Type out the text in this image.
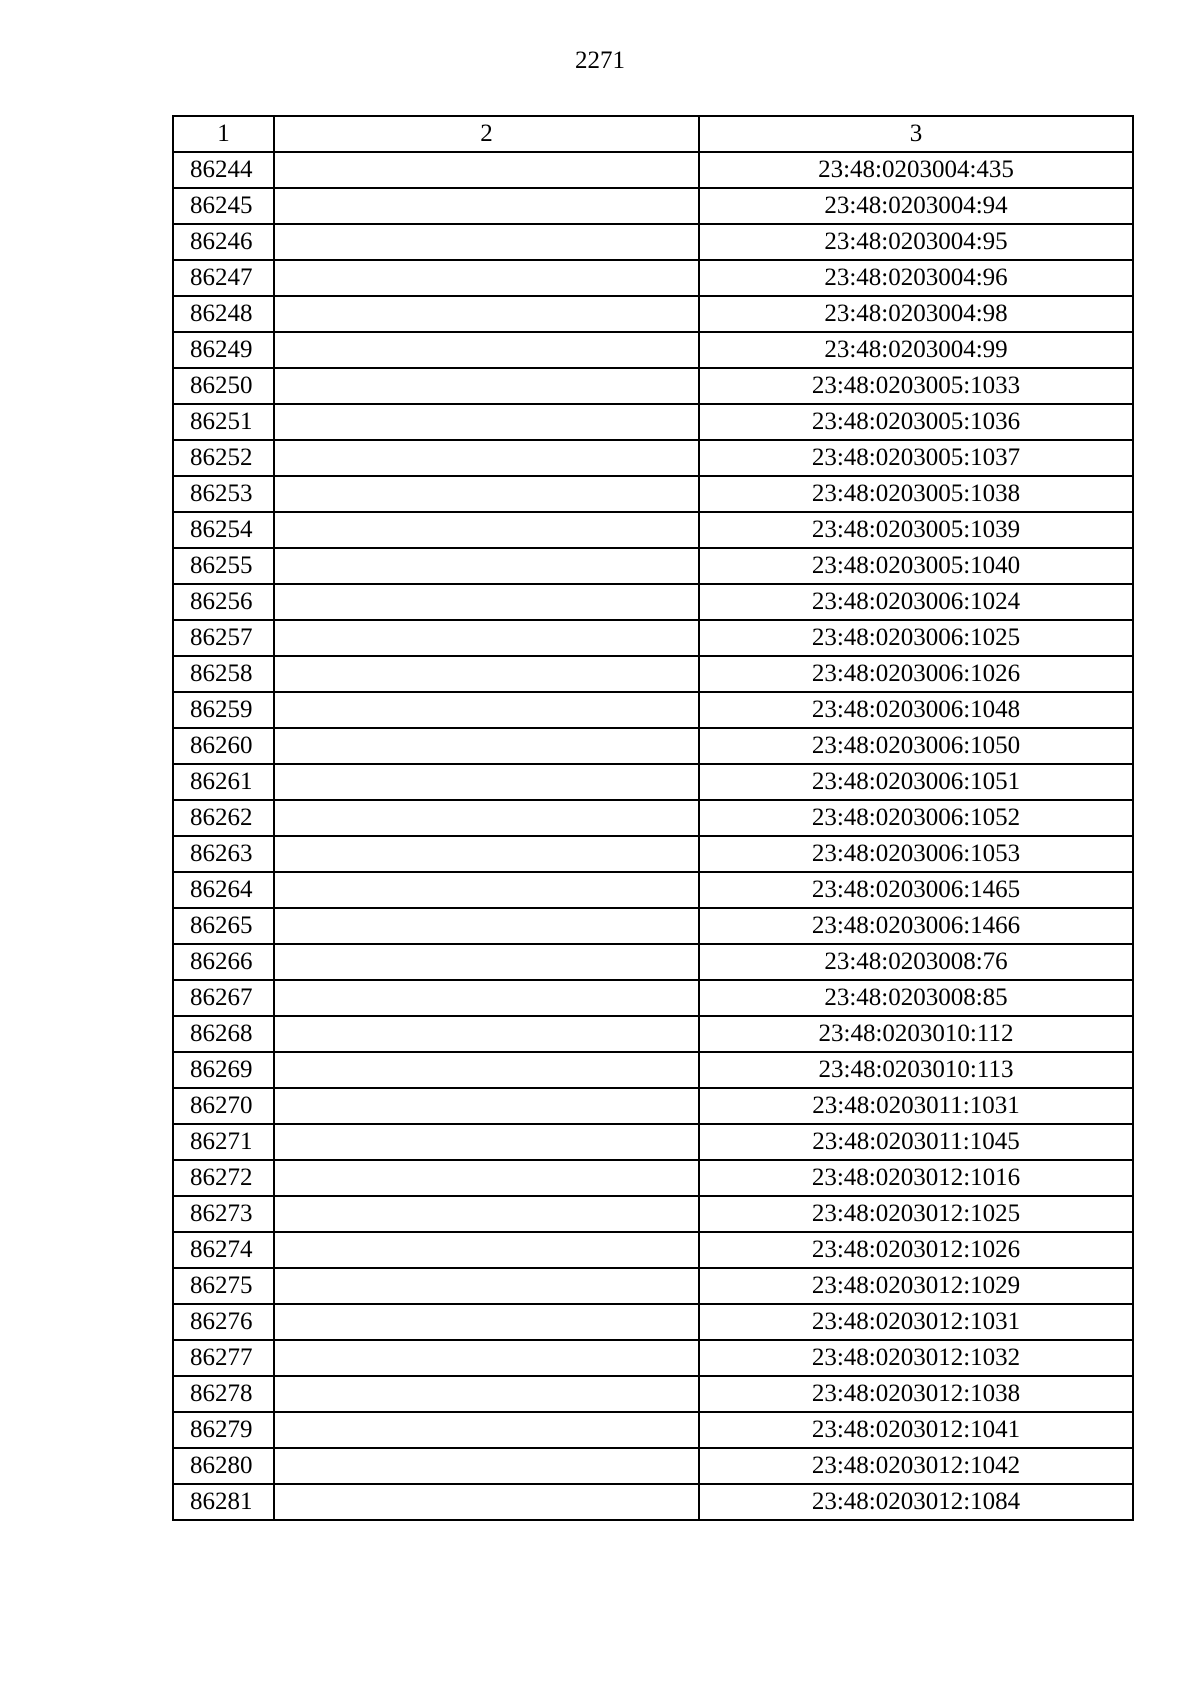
2271
1	2	3
86244		23:48:0203004:435
86245		23:48:0203004:94
86246		23:48:0203004:95
86247		23:48:0203004:96
86248		23:48:0203004:98
86249		23:48:0203004:99
86250		23:48:0203005:1033
86251		23:48:0203005:1036
86252		23:48:0203005:1037
86253		23:48:0203005:1038
86254		23:48:0203005:1039
86255		23:48:0203005:1040
86256		23:48:0203006:1024
86257		23:48:0203006:1025
86258		23:48:0203006:1026
86259		23:48:0203006:1048
86260		23:48:0203006:1050
86261		23:48:0203006:1051
86262		23:48:0203006:1052
86263		23:48:0203006:1053
86264		23:48:0203006:1465
86265		23:48:0203006:1466
86266		23:48:0203008:76
86267		23:48:0203008:85
86268		23:48:0203010:112
86269		23:48:0203010:113
86270		23:48:0203011:1031
86271		23:48:0203011:1045
86272		23:48:0203012:1016
86273		23:48:0203012:1025
86274		23:48:0203012:1026
86275		23:48:0203012:1029
86276		23:48:0203012:1031
86277		23:48:0203012:1032
86278		23:48:0203012:1038
86279		23:48:0203012:1041
86280		23:48:0203012:1042
86281		23:48:0203012:1084
